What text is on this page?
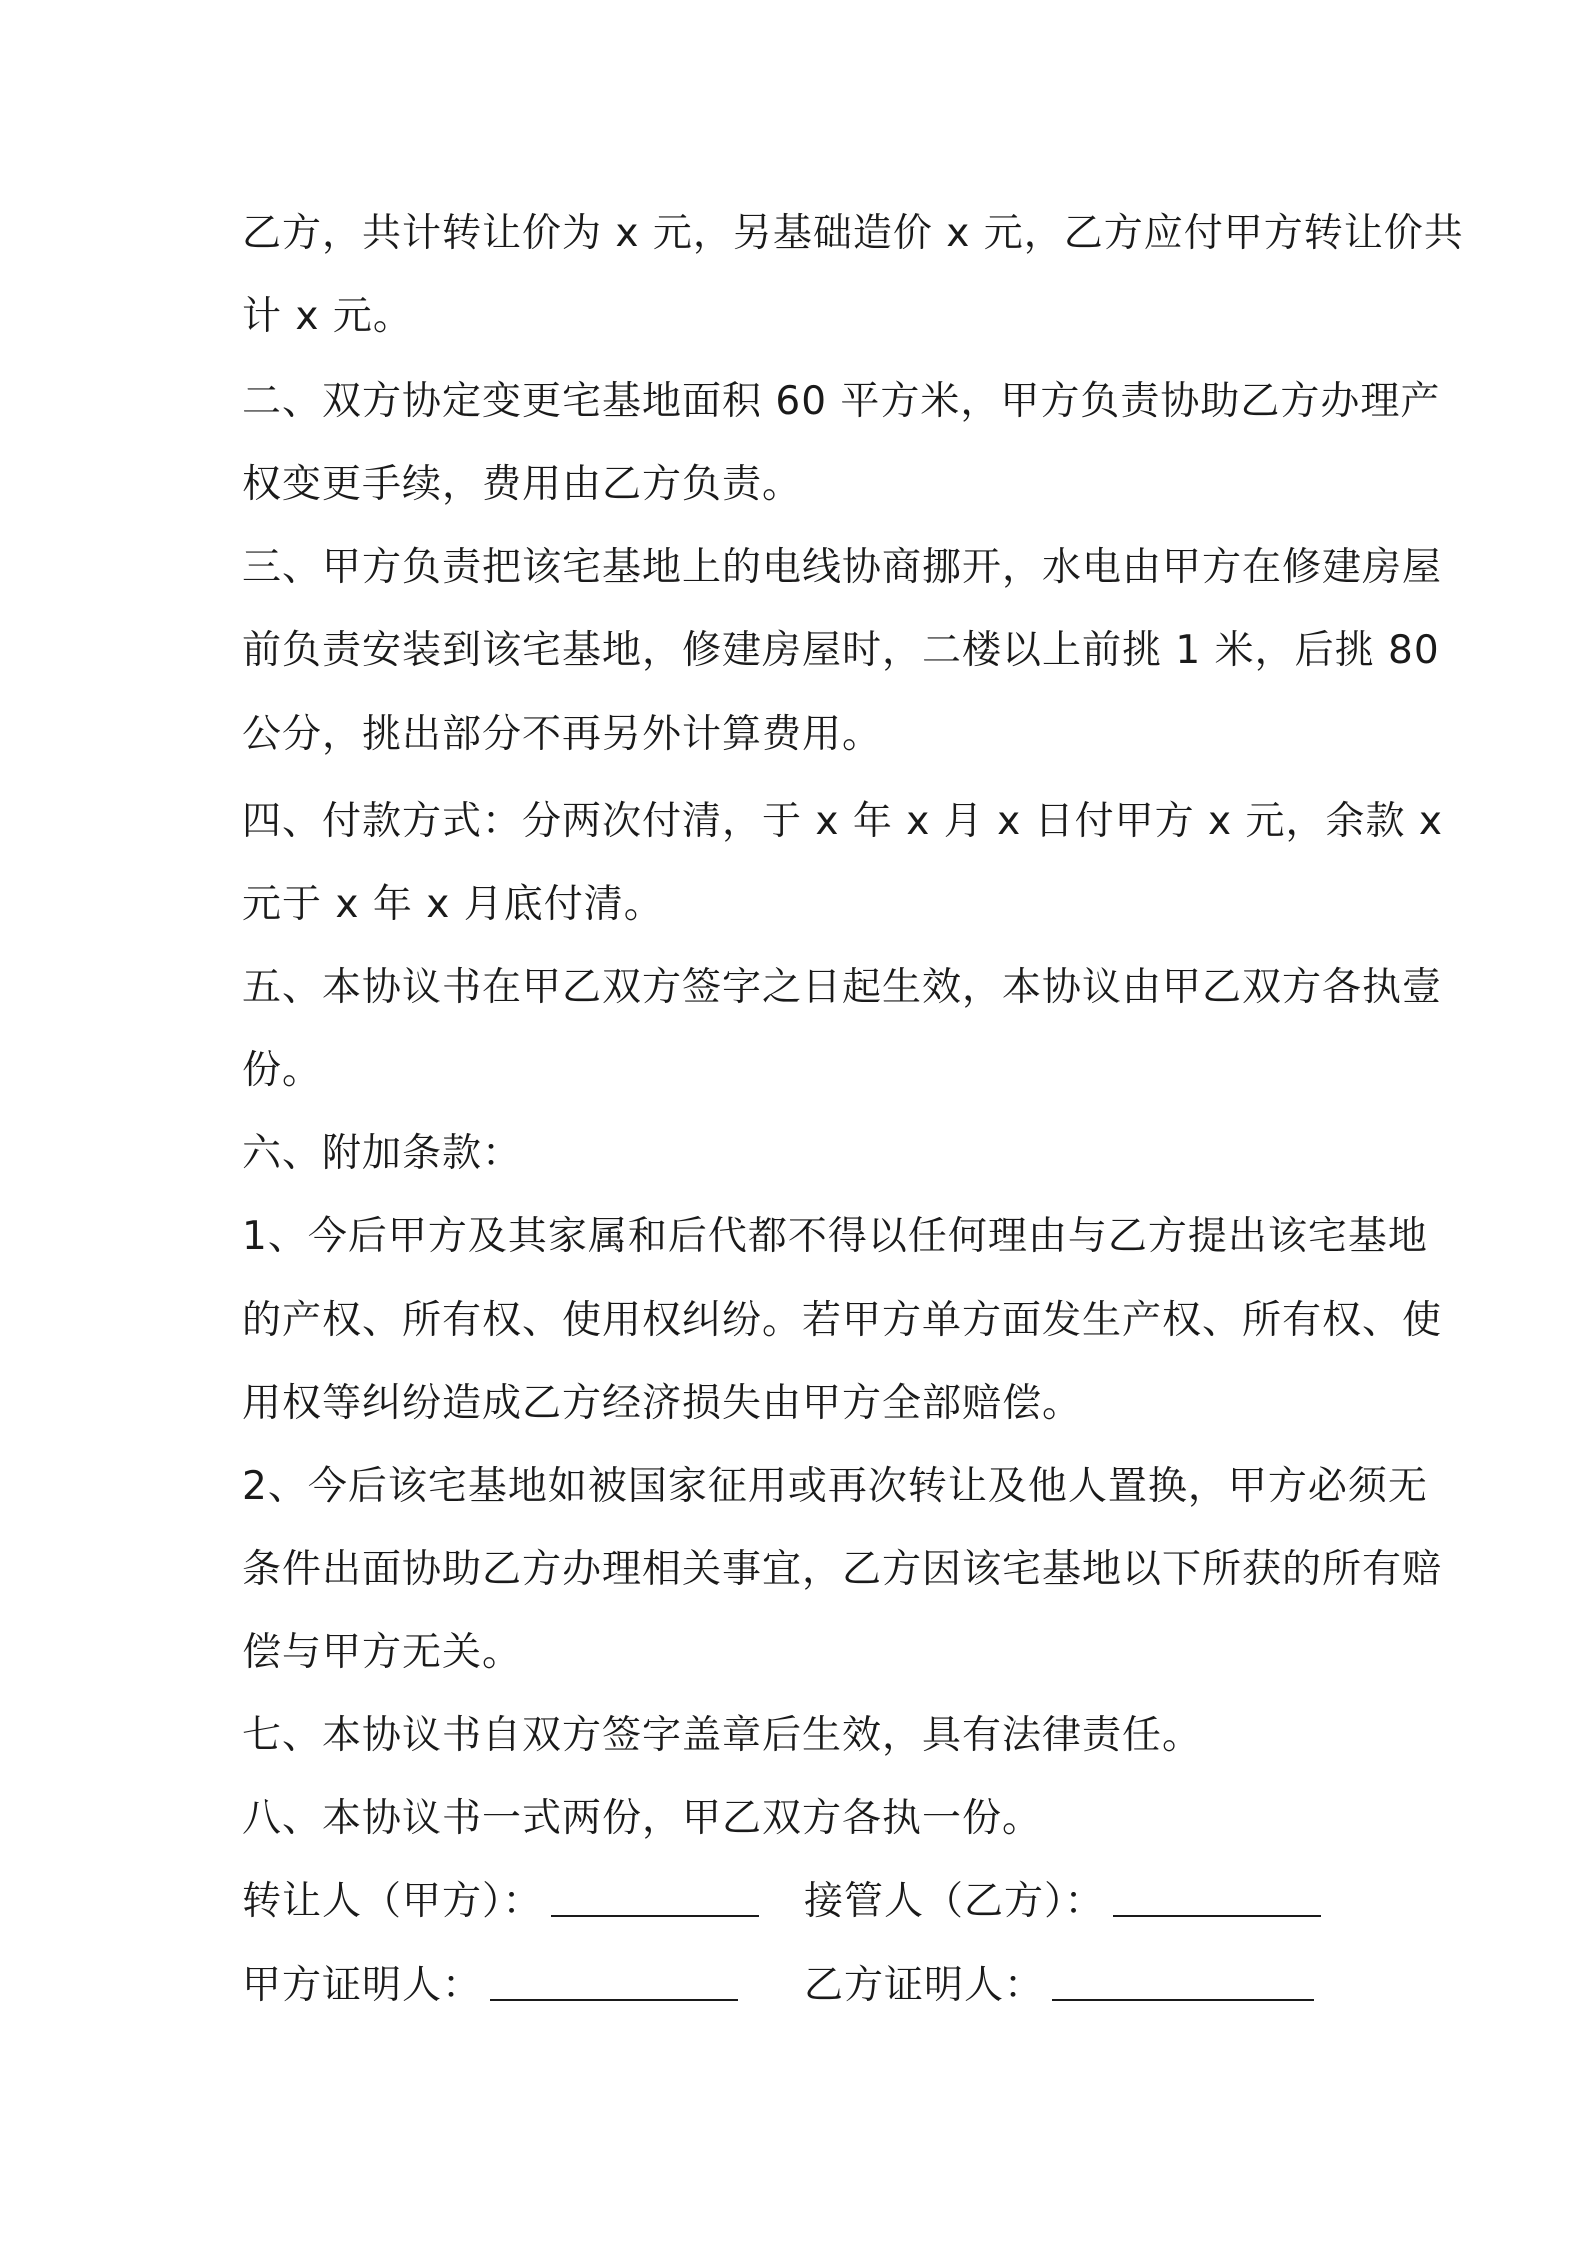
乙方，共计转让价为 x 元，另基础造价 x 元，乙方应付甲方转让价共
计 x 元。
二、双方协定变更宅基地面积 60 平方米，甲方负责协助乙方办理产
权变更手续，费用由乙方负责。
三、甲方负责把该宅基地上的电线协商挪开，水电由甲方在修建房屋
前负责安装到该宅基地，修建房屋时，二楼以上前挑 1 米，后挑 80
公分，挑出部分不再另外计算费用。
四、付款方式：分两次付清，于 x 年 x 月 x 日付甲方 x 元，余款 x
元于 x 年 x 月底付清。
五、本协议书在甲乙双方签字之日起生效，本协议由甲乙双方各执壹
份。
六、附加条款：
1、今后甲方及其家属和后代都不得以任何理由与乙方提出该宅基地
的产权、所有权、使用权纠纷。若甲方单方面发生产权、所有权、使
用权等纠纷造成乙方经济损失由甲方全部赔偿。
2、今后该宅基地如被国家征用或再次转让及他人置换，甲方必须无
条件出面协助乙方办理相关事宜，乙方因该宅基地以下所获的所有赔
偿与甲方无关。
七、本协议书自双方签字盖章后生效，具有法律责任。
八、本协议书一式两份，甲乙双方各执一份。
转让人（甲方）：	接管人（乙方）：
甲方证明人：	乙方证明人：
